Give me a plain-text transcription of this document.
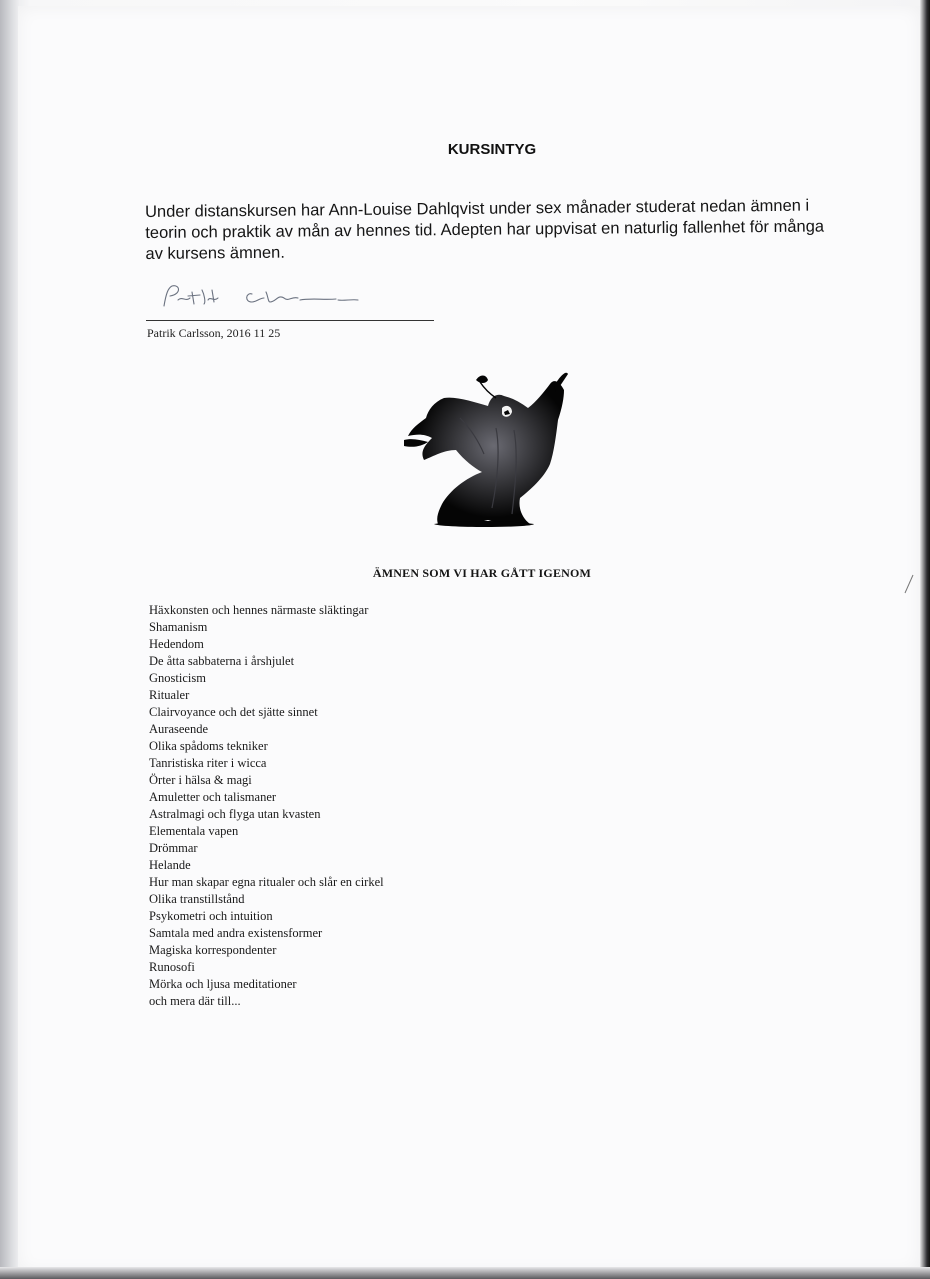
KURSINTYG
Under distanskursen har Ann-Louise Dahlqvist under sex månader studerat nedan ämnen i teorin och praktik av mån av hennes tid. Adepten har uppvisat en naturlig fallenhet för många av kursens ämnen.
Patrik Carlsson, 2016 11 25
ÄMNEN SOM VI HAR GÅTT IGENOM
Häxkonsten och hennes närmaste släktingar
Shamanism
Hedendom
De åtta sabbaterna i årshjulet
Gnosticism
Ritualer
Clairvoyance och det sjätte sinnet
Auraseende
Olika spådoms tekniker
Tanristiska riter i wicca
Örter i hälsa & magi
Amuletter och talismaner
Astralmagi och flyga utan kvasten
Elementala vapen
Drömmar
Helande
Hur man skapar egna ritualer och slår en cirkel
Olika transtillstånd
Psykometri och intuition
Samtala med andra existensformer
Magiska korrespondenter
Runosofi
Mörka och ljusa meditationer
och mera där till...
